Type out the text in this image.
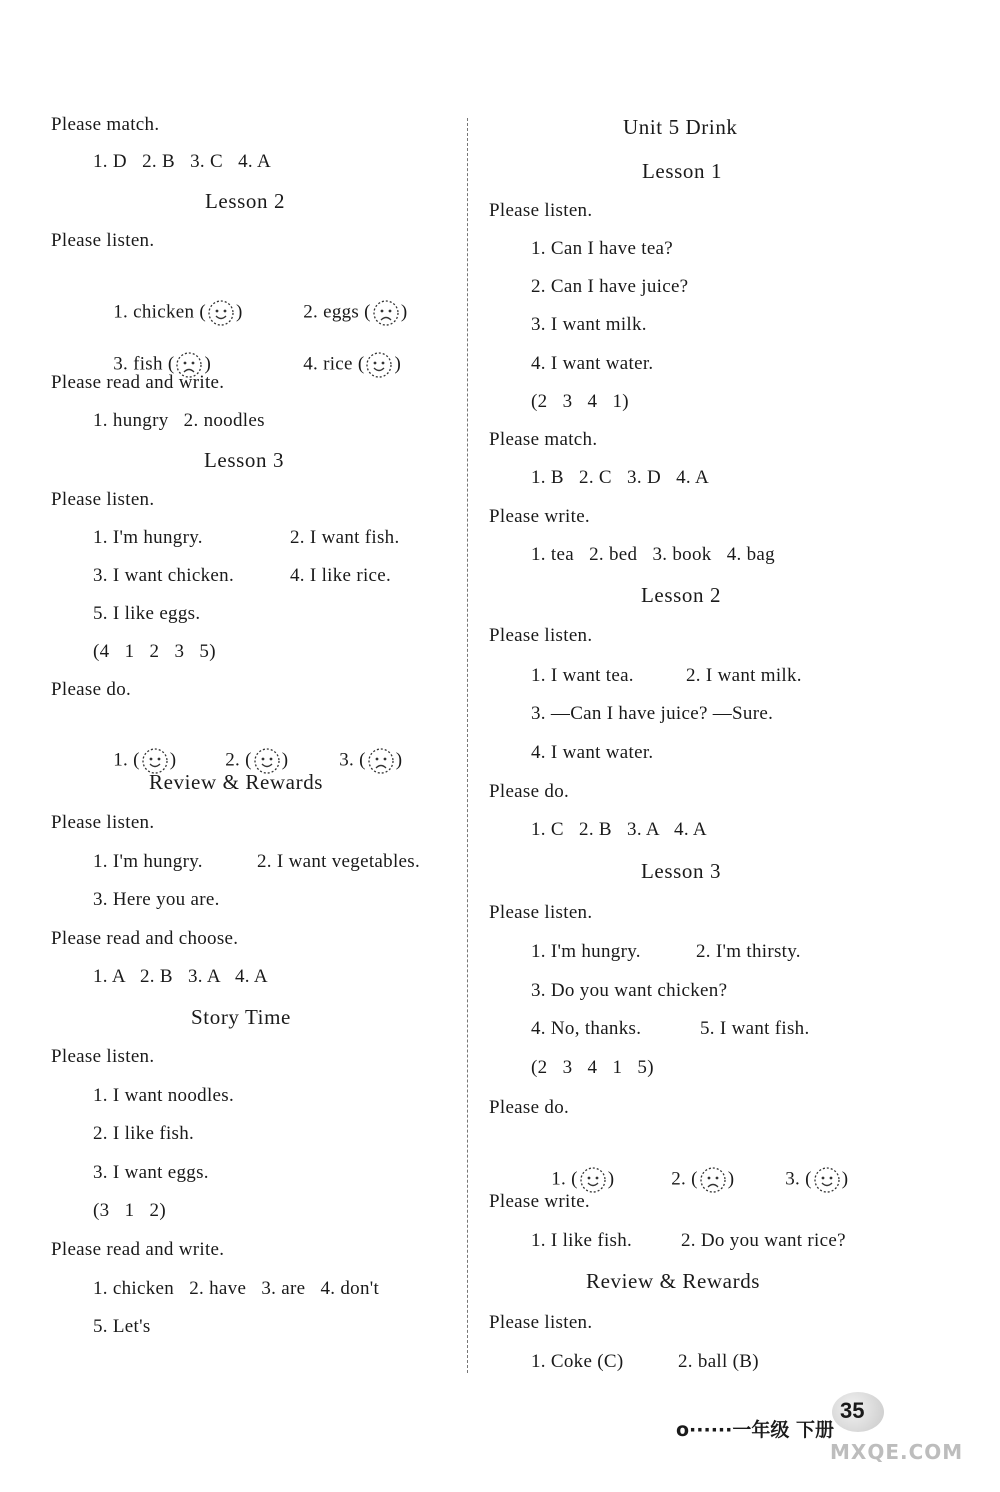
Please match.
1. D   2. B   3. C   4. A
Lesson 2
Please listen.

1. chicken ( )
	2. eggs ( )

3. fish ( )
	4. rice ( )

Please read and write.
1. hungry   2. noodles
Lesson 3
Please listen.
1. I'm hungry.	2. I want fish.
3. I want chicken.	4. I like rice.
5. I like eggs.
(4   1   2   3   5)
Please do.

1. ( )
	2. ( )
	3. ( )

Review & Rewards
Please listen.
1. I'm hungry.	2. I want vegetables.
3. Here you are.
Please read and choose.
1. A   2. B   3. A   4. A
Story Time
Please listen.
1. I want noodles.
2. I like fish.
3. I want eggs.
(3   1   2)
Please read and write.
1. chicken   2. have   3. are   4. don't
5. Let's
Unit 5 Drink
Lesson 1
Please listen.
1. Can I have tea?
2. Can I have juice?
3. I want milk.
4. I want water.
(2   3   4   1)
Please match.
1. B   2. C   3. D   4. A
Please write.
1. tea   2. bed   3. book   4. bag
Lesson 2
Please listen.
1. I want tea.	2. I want milk.
3. —Can I have juice? —Sure.
4. I want water.
Please do.
1. C   2. B   3. A   4. A
Lesson 3
Please listen.
1. I'm hungry.	2. I'm thirsty.
3. Do you want chicken?
4. No, thanks.	5. I want fish.
(2   3   4   1   5)
Please do.

1. ( )
	2. ( )
	3. ( )

Please write.
1. I like fish.	2. Do you want rice?
Review & Rewards
Please listen.
1. Coke (C)	2. ball (B)
35
o······一年级 下册
MXQE.COM
